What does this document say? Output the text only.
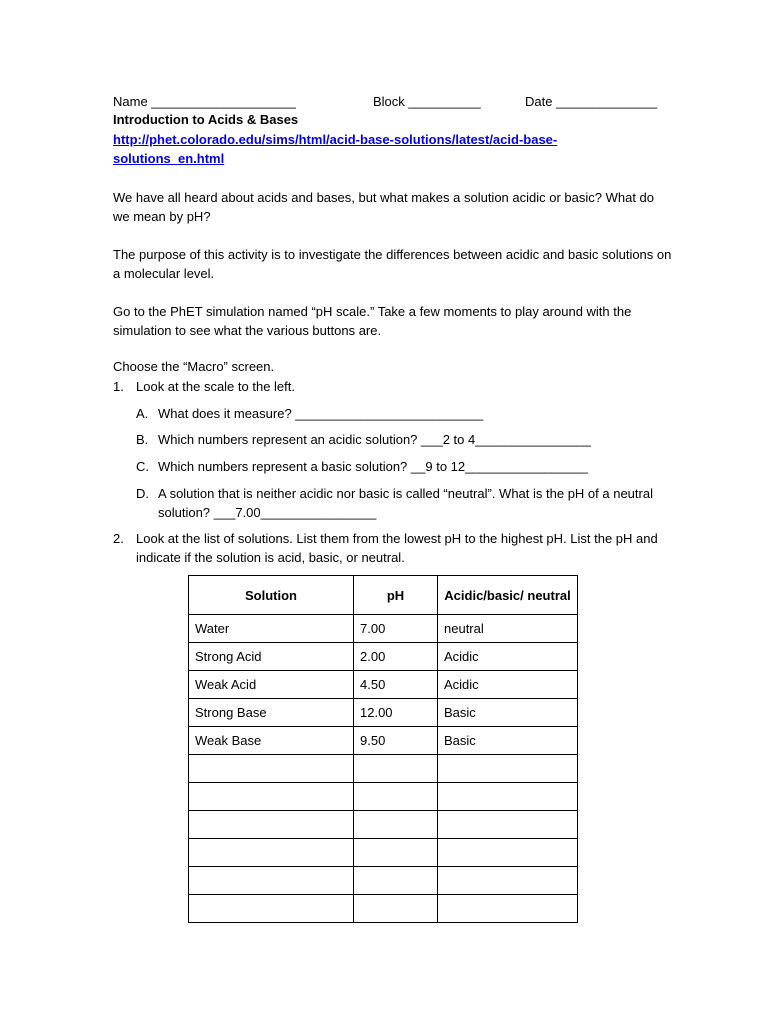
Name ____________________	Block __________	Date ______________
Introduction to Acids & Bases
http://phet.colorado.edu/sims/html/acid-base-solutions/latest/acid-base-
solutions_en.html
We have all heard about acids and bases, but what makes a solution acidic or basic? What do we mean by pH?
The purpose of this activity is to investigate the differences between acidic and basic solutions on a molecular level.
Go to the PhET simulation named “pH scale.” Take a few moments to play around with the simulation to see what the various buttons are.
Choose the “Macro” screen.
1. Look at the scale to the left.
A. What does it measure? __________________________
B. Which numbers represent an acidic solution? ___2 to 4________________
C. Which numbers represent a basic solution? __9 to 12_________________
D. A solution that is neither acidic nor basic is called “neutral”. What is the pH of a neutral solution? ___7.00________________
2. Look at the list of solutions. List them from the lowest pH to the highest pH. List the pH and indicate if the solution is acid, basic, or neutral.
Solution	pH	Acidic/basic/ neutral
Water	7.00	neutral
Strong Acid	2.00	Acidic
Weak Acid	4.50	Acidic
Strong Base	12.00	Basic
Weak Base	9.50	Basic
